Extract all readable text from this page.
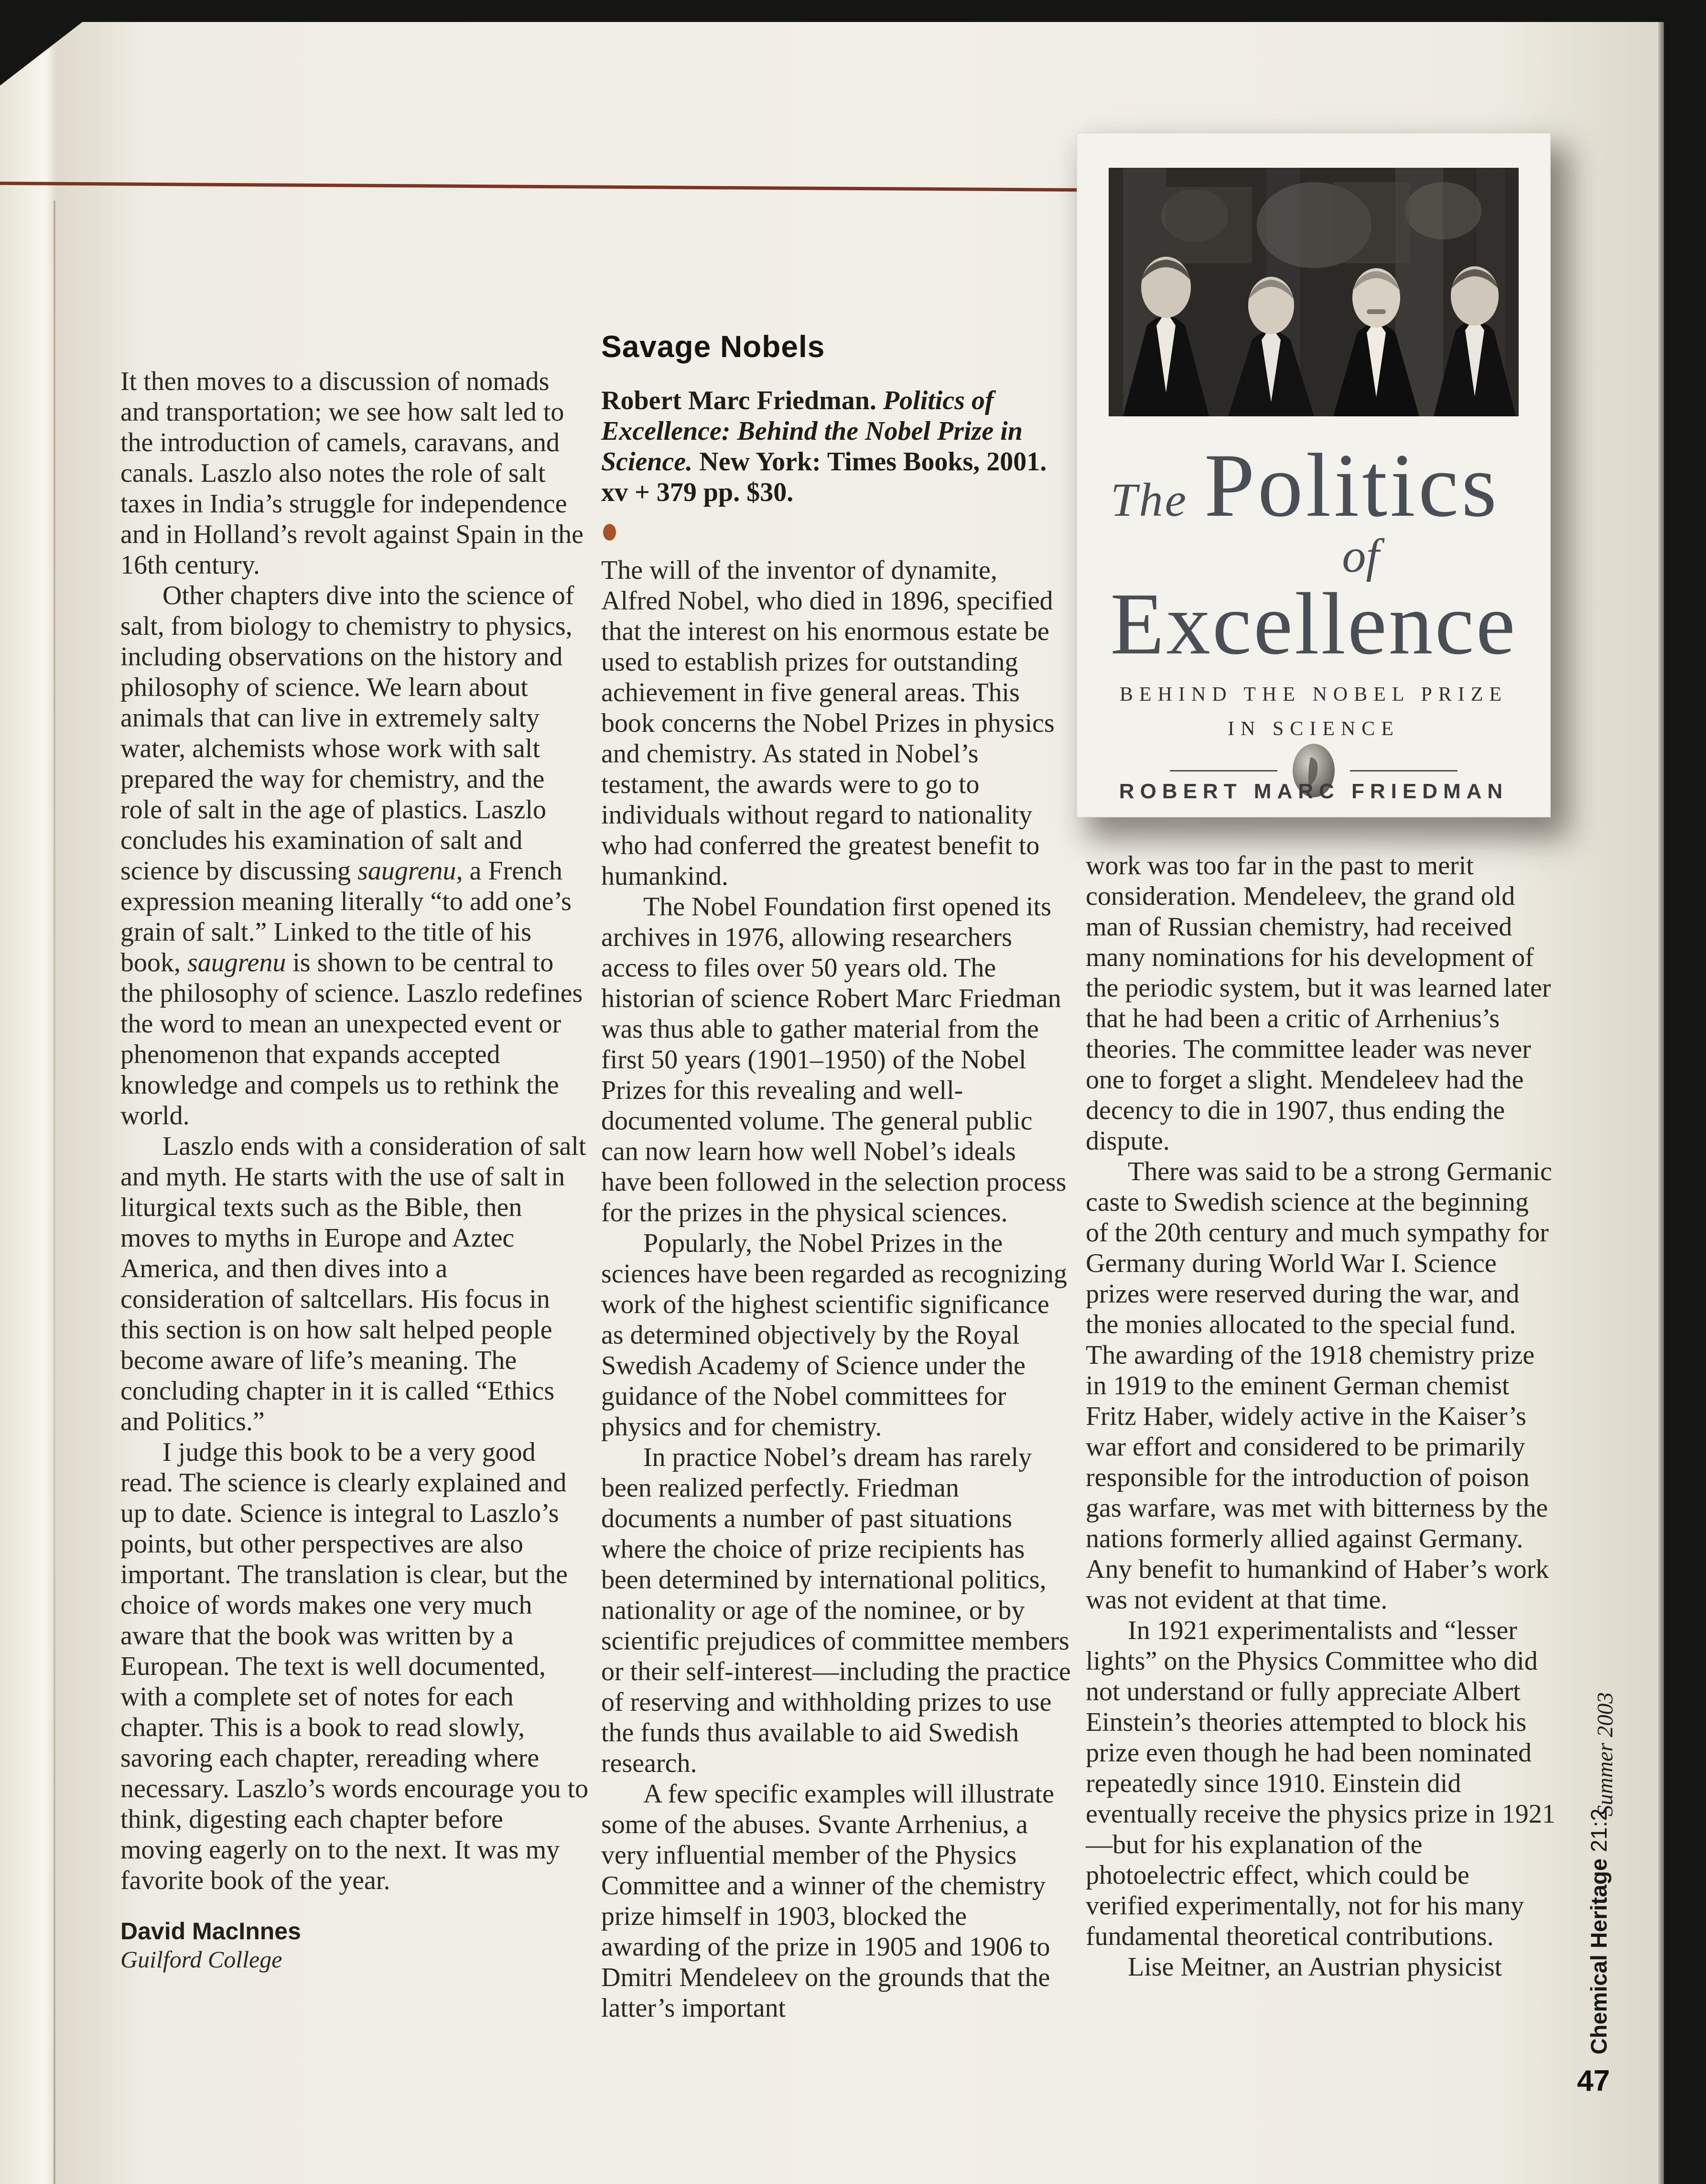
It then moves to a discussion of nomads and transportation; we see how salt led to the introduction of camels, caravans, and canals. Laszlo also notes the role of salt taxes in India’s struggle for independence and in Holland’s revolt against Spain in the 16th century.

Other chapters dive into the science of salt, from biology to chemistry to physics, including observations on the history and philosophy of science. We learn about animals that can live in extremely salty water, alchemists whose work with salt prepared the way for chemistry, and the role of salt in the age of plastics. Laszlo concludes his examination of salt and science by discussing saugrenu, a French expression meaning literally “to add one’s grain of salt.” Linked to the title of his book, saugrenu is shown to be central to the philosophy of science. Laszlo redefines the word to mean an unexpected event or phenomenon that expands accepted knowledge and compels us to rethink the world.

Laszlo ends with a consideration of salt and myth. He starts with the use of salt in liturgical texts such as the Bible, then moves to myths in Europe and Aztec America, and then dives into a consideration of saltcellars. His focus in this section is on how salt helped people become aware of life’s meaning. The concluding chapter in it is called “Ethics and Politics.”

I judge this book to be a very good read. The science is clearly explained and up to date. Science is integral to Laszlo’s points, but other perspectives are also important. The translation is clear, but the choice of words makes one very much aware that the book was written by a European. The text is well documented, with a complete set of notes for each chapter. This is a book to read slowly, savoring each chapter, rereading where necessary. Laszlo’s words encourage you to think, digesting each chapter before moving eagerly on to the next. It was my favorite book of the year.

David MacInnes
Guilford College
Savage Nobels

Robert Marc Friedman. Politics of Excellence: Behind the Nobel Prize in Science. New York: Times Books, 2001. xv + 379 pp. $30.

The will of the inventor of dynamite, Alfred Nobel, who died in 1896, specified that the interest on his enormous estate be used to establish prizes for outstanding achievement in five general areas. This book concerns the Nobel Prizes in physics and chemistry. As stated in Nobel’s testament, the awards were to go to individuals without regard to nationality who had conferred the greatest benefit to humankind.

The Nobel Foundation first opened its archives in 1976, allowing researchers access to files over 50 years old. The historian of science Robert Marc Friedman was thus able to gather material from the first 50 years (1901–1950) of the Nobel Prizes for this revealing and well-documented volume. The general public can now learn how well Nobel’s ideals have been followed in the selection process for the prizes in the physical sciences.

Popularly, the Nobel Prizes in the sciences have been regarded as recognizing work of the highest scientific significance as determined objectively by the Royal Swedish Academy of Science under the guidance of the Nobel committees for physics and for chemistry.

In practice Nobel’s dream has rarely been realized perfectly. Friedman documents a number of past situations where the choice of prize recipients has been determined by international politics, nationality or age of the nominee, or by scientific prejudices of committee members or their self-interest—including the practice of reserving and withholding prizes to use the funds thus available to aid Swedish research.

A few specific examples will illustrate some of the abuses. Svante Arrhenius, a very influential member of the Physics Committee and a winner of the chemistry prize himself in 1903, blocked the awarding of the prize in 1905 and 1906 to Dmitri Mendeleev on the grounds that the latter’s important

work was too far in the past to merit consideration. Mendeleev, the grand old man of Russian chemistry, had received many nominations for his development of the periodic system, but it was learned later that he had been a critic of Arrhenius’s theories. The committee leader was never one to forget a slight. Mendeleev had the decency to die in 1907, thus ending the dispute.

There was said to be a strong Germanic caste to Swedish science at the beginning of the 20th century and much sympathy for Germany during World War I. Science prizes were reserved during the war, and the monies allocated to the special fund. The awarding of the 1918 chemistry prize in 1919 to the eminent German chemist Fritz Haber, widely active in the Kaiser’s war effort and considered to be primarily responsible for the introduction of poison gas warfare, was met with bitterness by the nations formerly allied against Germany. Any benefit to humankind of Haber’s work was not evident at that time.

In 1921 experimentalists and “lesser lights” on the Physics Committee who did not understand or fully appreciate Albert Einstein’s theories attempted to block his prize even though he had been nominated repeatedly since 1910. Einstein did eventually receive the physics prize in 1921—but for his explanation of the photoelectric effect, which could be verified experimentally, not for his many fundamental theoretical contributions.

Lise Meitner, an Austrian physicist

The Politics
of
Excellence
BEHIND THE NOBEL PRIZE
IN SCIENCE
ROBERT MARC FRIEDMAN
Chemical Heritage 21:2
Summer 2003
47
